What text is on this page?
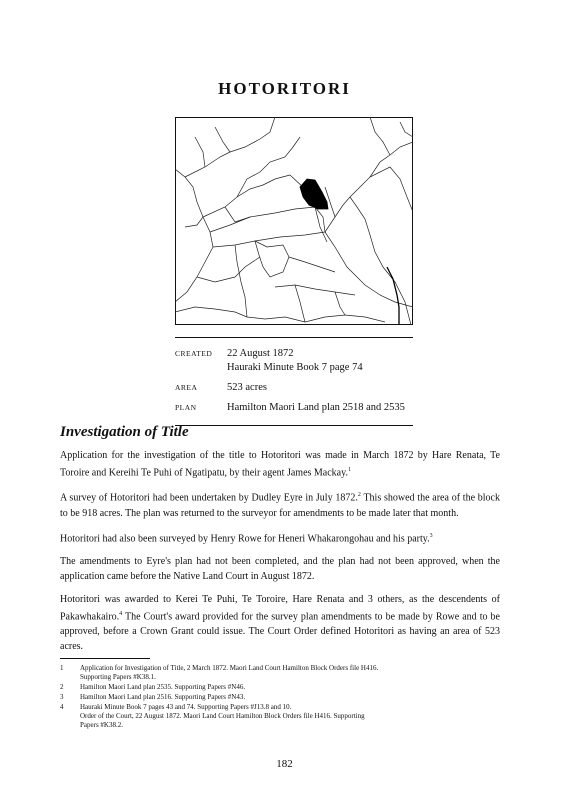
HOTORITORI
CREATED	22 August 1872
Hauraki Minute Book 7 page 74
AREA	523 acres
PLAN	Hamilton Maori Land plan 2518 and 2535
Investigation of Title

Application for the investigation of the title to Hotoritori was made in March 1872 by Hare Renata, Te Toroire and Kereihi Te Puhi of Ngatipatu, by their agent James Mackay.$^1$

A survey of Hotoritori had been undertaken by Dudley Eyre in July 1872.$^2$ This showed the area of the block to be 918 acres. The plan was returned to the surveyor for amendments to be made later that month.

Hotoritori had also been surveyed by Henry Rowe for Heneri Whakarongohau and his party.$^3$

The amendments to Eyre's plan had not been completed, and the plan had not been approved, when the application came before the Native Land Court in August 1872.

Hotoritori was awarded to Kerei Te Puhi, Te Toroire, Hare Renata and 3 others, as the descendents of Pakawhakairo.$^4$ The Court's award provided for the survey plan amendments to be made by Rowe and to be approved, before a Crown Grant could issue. The Court Order defined Hotoritori as having an area of 523 acres.

1	Application for Investigation of Title, 2 March 1872. Maori Land Court Hamilton Block Orders file H416.
Supporting Papers #K38.1.
2	Hamilton Maori Land plan 2535. Supporting Papers #N46.
3	Hamilton Maori Land plan 2516. Supporting Papers #N43.
4	Hauraki Minute Book 7 pages 43 and 74. Supporting Papers #J13.8 and 10.
Order of the Court, 22 August 1872. Maori Land Court Hamilton Block Orders file H416. Supporting
Papers #K38.2.
182
